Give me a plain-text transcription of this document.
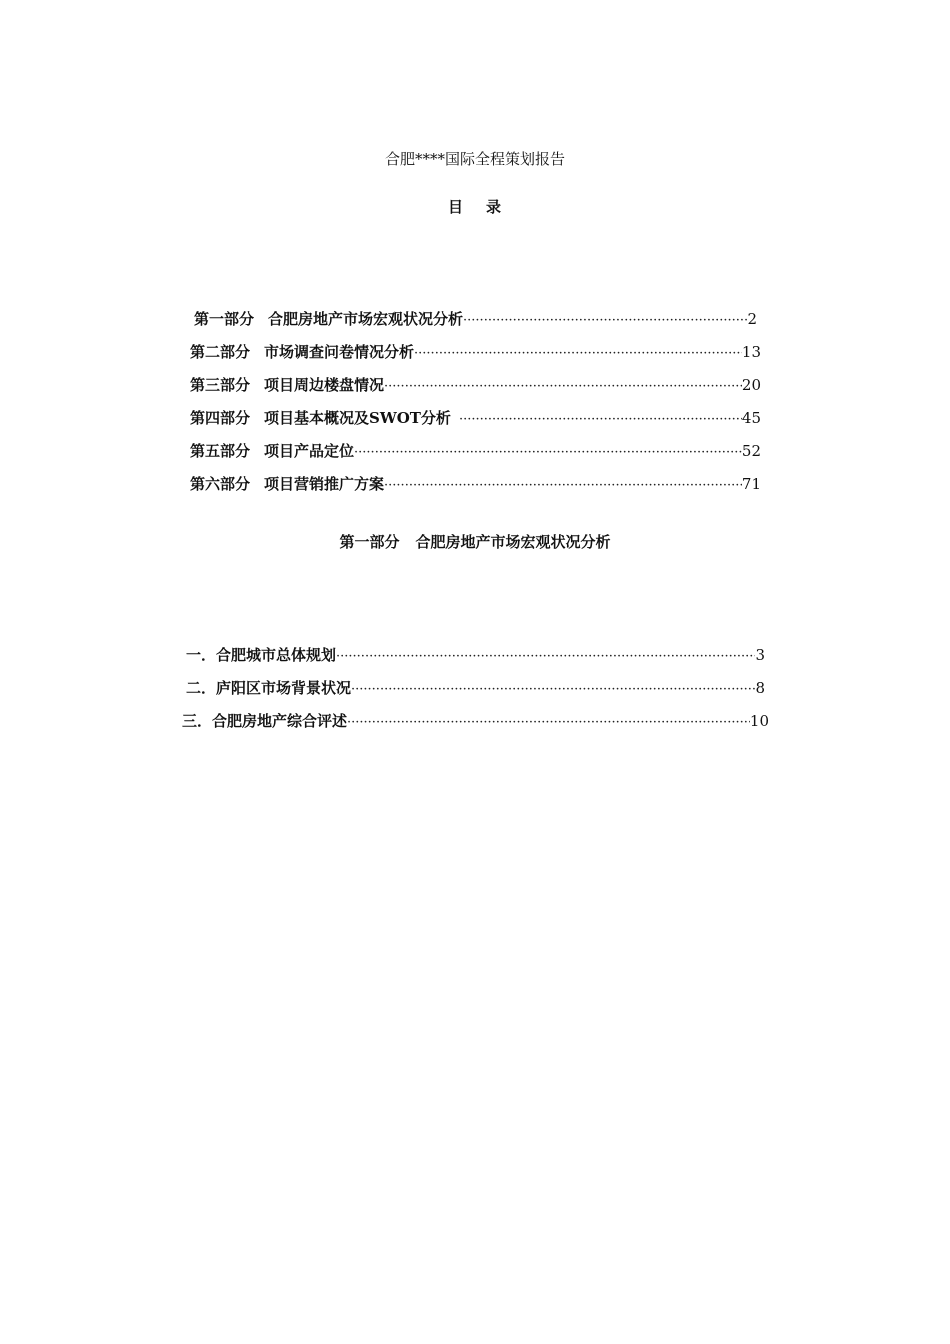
合肥****国际全程策划报告
目 录
第一部分 合肥房地产市场宏观状况分析 ·····	2
第二部分 市场调查问卷情况分析 ·····	13
第三部分 项目周边楼盘情况 ·····	20
第四部分 项目基本概况及SWOT分析 ·····	45
第五部分 项目产品定位 ·····	52
第六部分 项目营销推广方案 ·····	71
第一部分 合肥房地产市场宏观状况分析
一．合肥城市总体规划 ·····	3
二．庐阳区市场背景状况 ·····	8
三．合肥房地产综合评述 ·····	10
